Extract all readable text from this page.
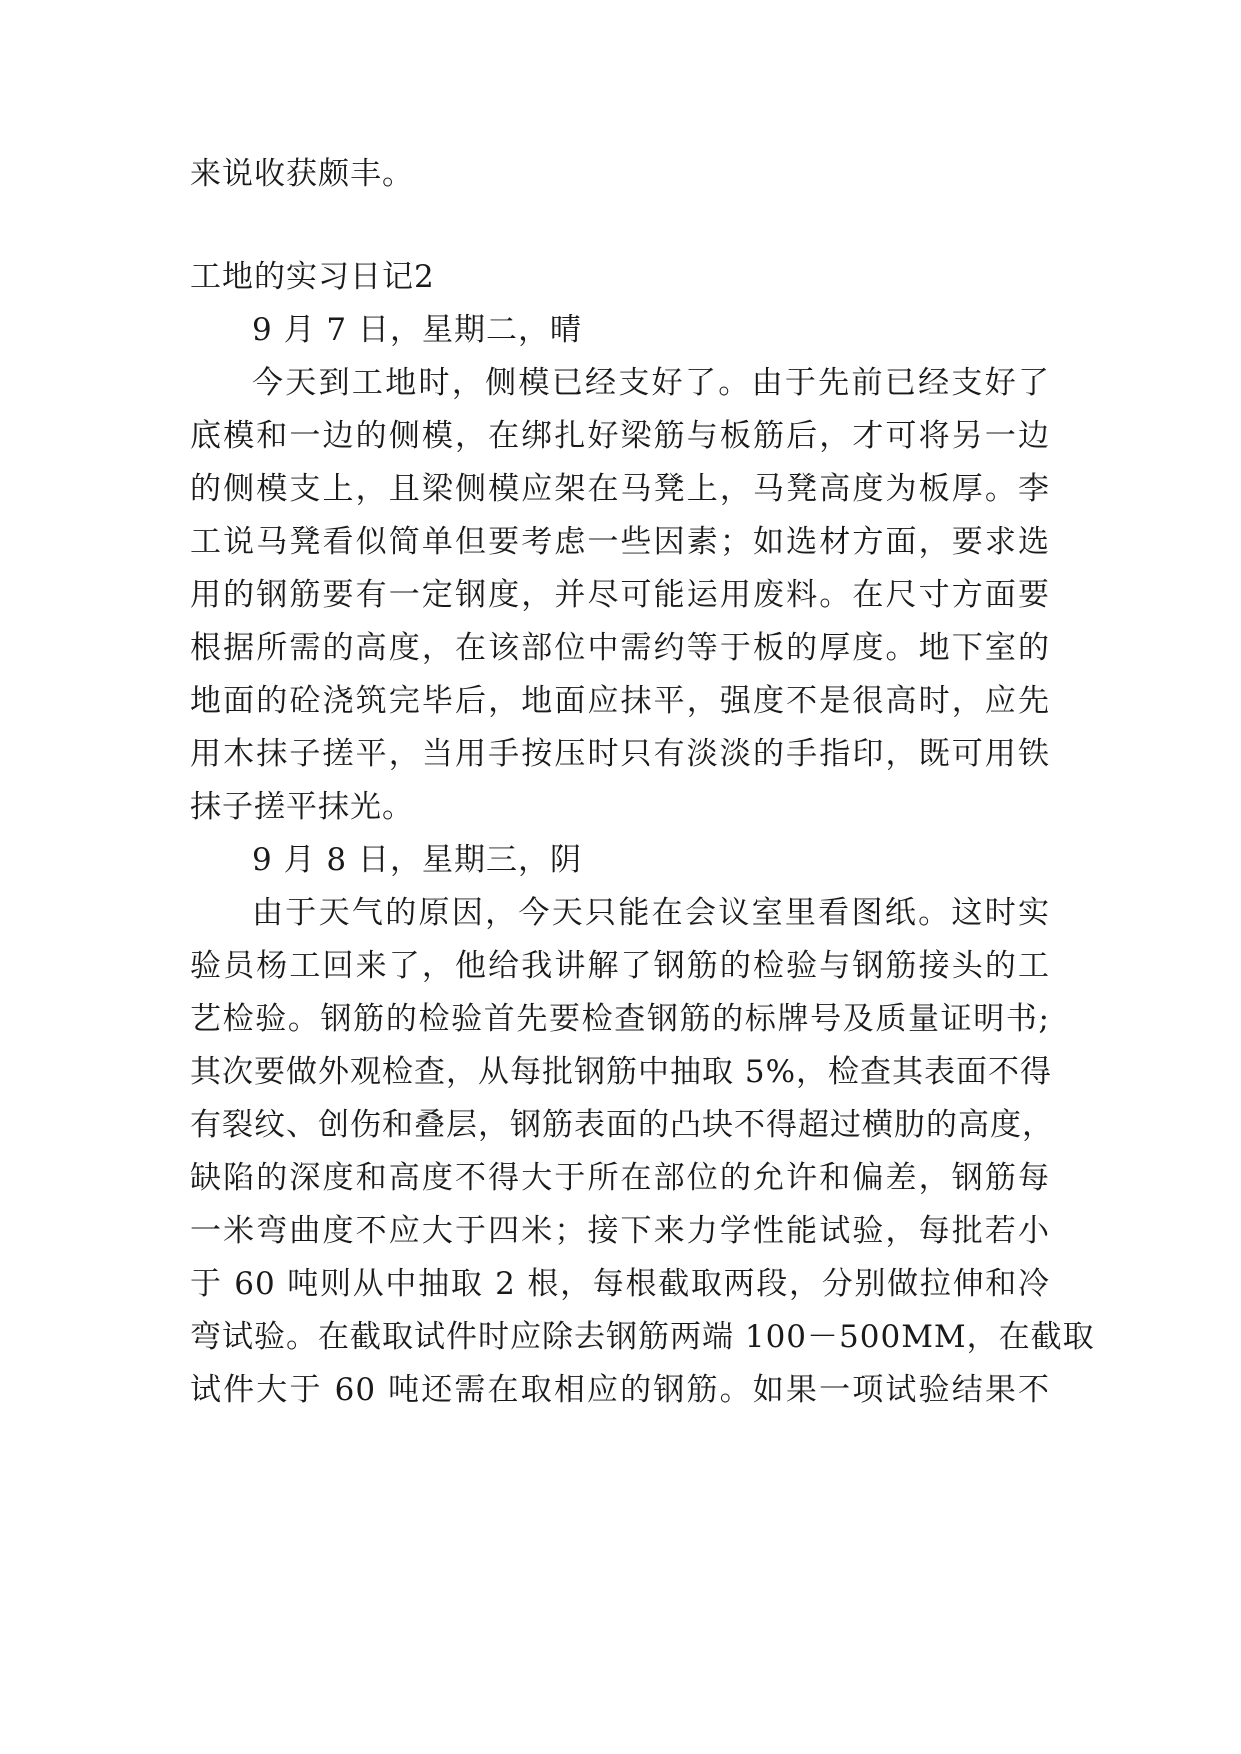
来说收获颇丰。
工地的实习日记2
9 月 7 日，星期二，晴
今天到工地时，侧模已经支好了。由于先前已经支好了
底模和一边的侧模，在绑扎好梁筋与板筋后，才可将另一边
的侧模支上，且梁侧模应架在马凳上，马凳高度为板厚。李
工说马凳看似简单但要考虑一些因素；如选材方面，要求选
用的钢筋要有一定钢度，并尽可能运用废料。在尺寸方面要
根据所需的高度，在该部位中需约等于板的厚度。地下室的
地面的砼浇筑完毕后，地面应抹平，强度不是很高时，应先
用木抹子搓平，当用手按压时只有淡淡的手指印，既可用铁
抹子搓平抹光。
9 月 8 日，星期三，阴
由于天气的原因，今天只能在会议室里看图纸。这时实
验员杨工回来了，他给我讲解了钢筋的检验与钢筋接头的工
艺检验。钢筋的检验首先要检查钢筋的标牌号及质量证明书;
其次要做外观检查，从每批钢筋中抽取 5%，检查其表面不得
有裂纹、创伤和叠层，钢筋表面的凸块不得超过横肋的高度，
缺陷的深度和高度不得大于所在部位的允许和偏差，钢筋每
一米弯曲度不应大于四米；接下来力学性能试验，每批若小
于 60 吨则从中抽取 2 根，每根截取两段，分别做拉伸和冷
弯试验。在截取试件时应除去钢筋两端 100－500MM，在截取
试件大于 60 吨还需在取相应的钢筋。如果一项试验结果不
